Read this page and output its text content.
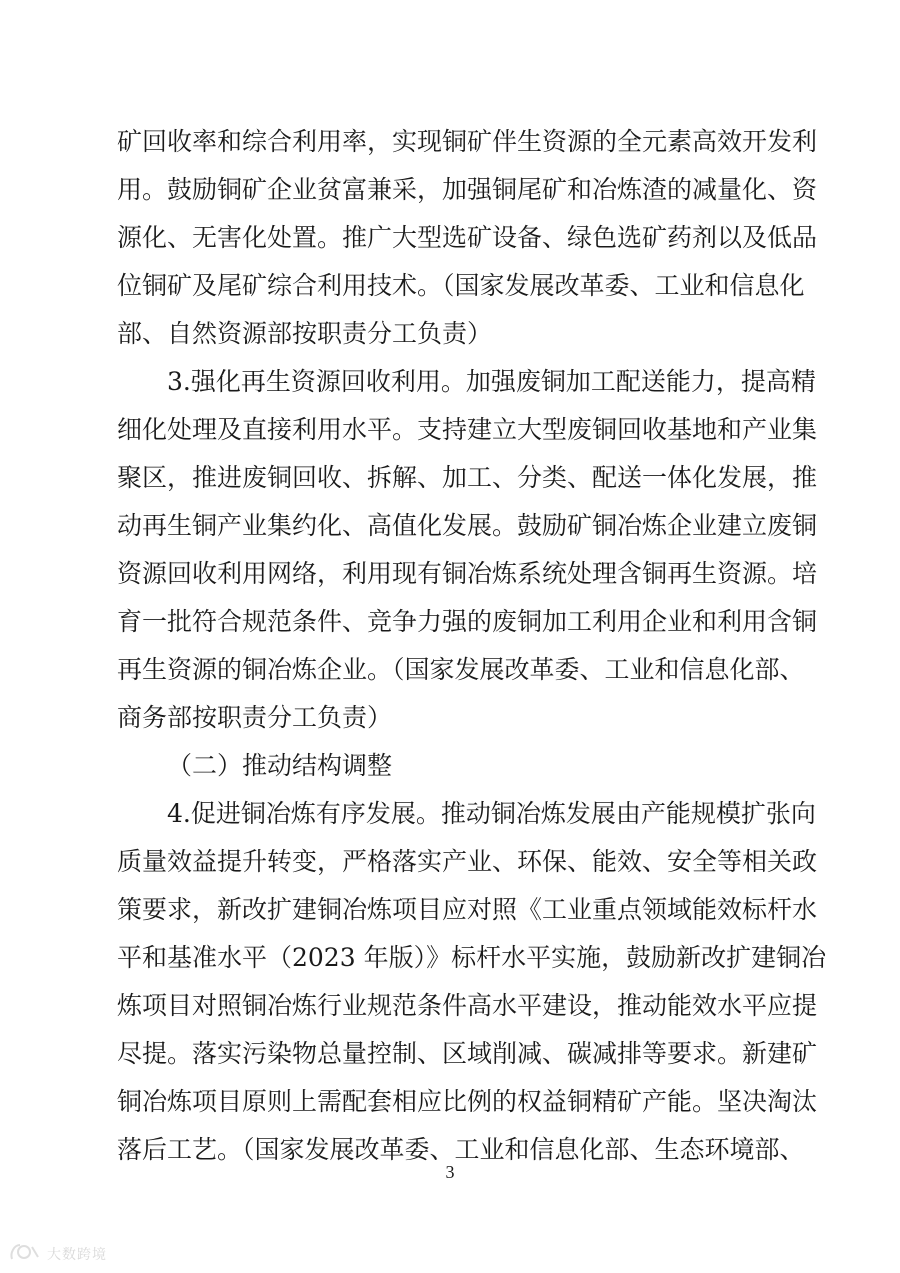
矿回收率和综合利用率，实现铜矿伴生资源的全元素高效开发利
用。鼓励铜矿企业贫富兼采，加强铜尾矿和冶炼渣的减量化、资
源化、无害化处置。推广大型选矿设备、绿色选矿药剂以及低品
位铜矿及尾矿综合利用技术。（国家发展改革委、工业和信息化
部、自然资源部按职责分工负责）
3.强化再生资源回收利用。加强废铜加工配送能力，提高精
细化处理及直接利用水平。支持建立大型废铜回收基地和产业集
聚区，推进废铜回收、拆解、加工、分类、配送一体化发展，推
动再生铜产业集约化、高值化发展。鼓励矿铜冶炼企业建立废铜
资源回收利用网络，利用现有铜冶炼系统处理含铜再生资源。培
育一批符合规范条件、竞争力强的废铜加工利用企业和利用含铜
再生资源的铜冶炼企业。（国家发展改革委、工业和信息化部、
商务部按职责分工负责）
（二）推动结构调整
4.促进铜冶炼有序发展。推动铜冶炼发展由产能规模扩张向
质量效益提升转变，严格落实产业、环保、能效、安全等相关政
策要求，新改扩建铜冶炼项目应对照《工业重点领域能效标杆水
平和基准水平（2023 年版）》标杆水平实施，鼓励新改扩建铜冶
炼项目对照铜冶炼行业规范条件高水平建设，推动能效水平应提
尽提。落实污染物总量控制、区域削减、碳减排等要求。新建矿
铜冶炼项目原则上需配套相应比例的权益铜精矿产能。坚决淘汰
落后工艺。（国家发展改革委、工业和信息化部、生态环境部、
3
大数跨境
